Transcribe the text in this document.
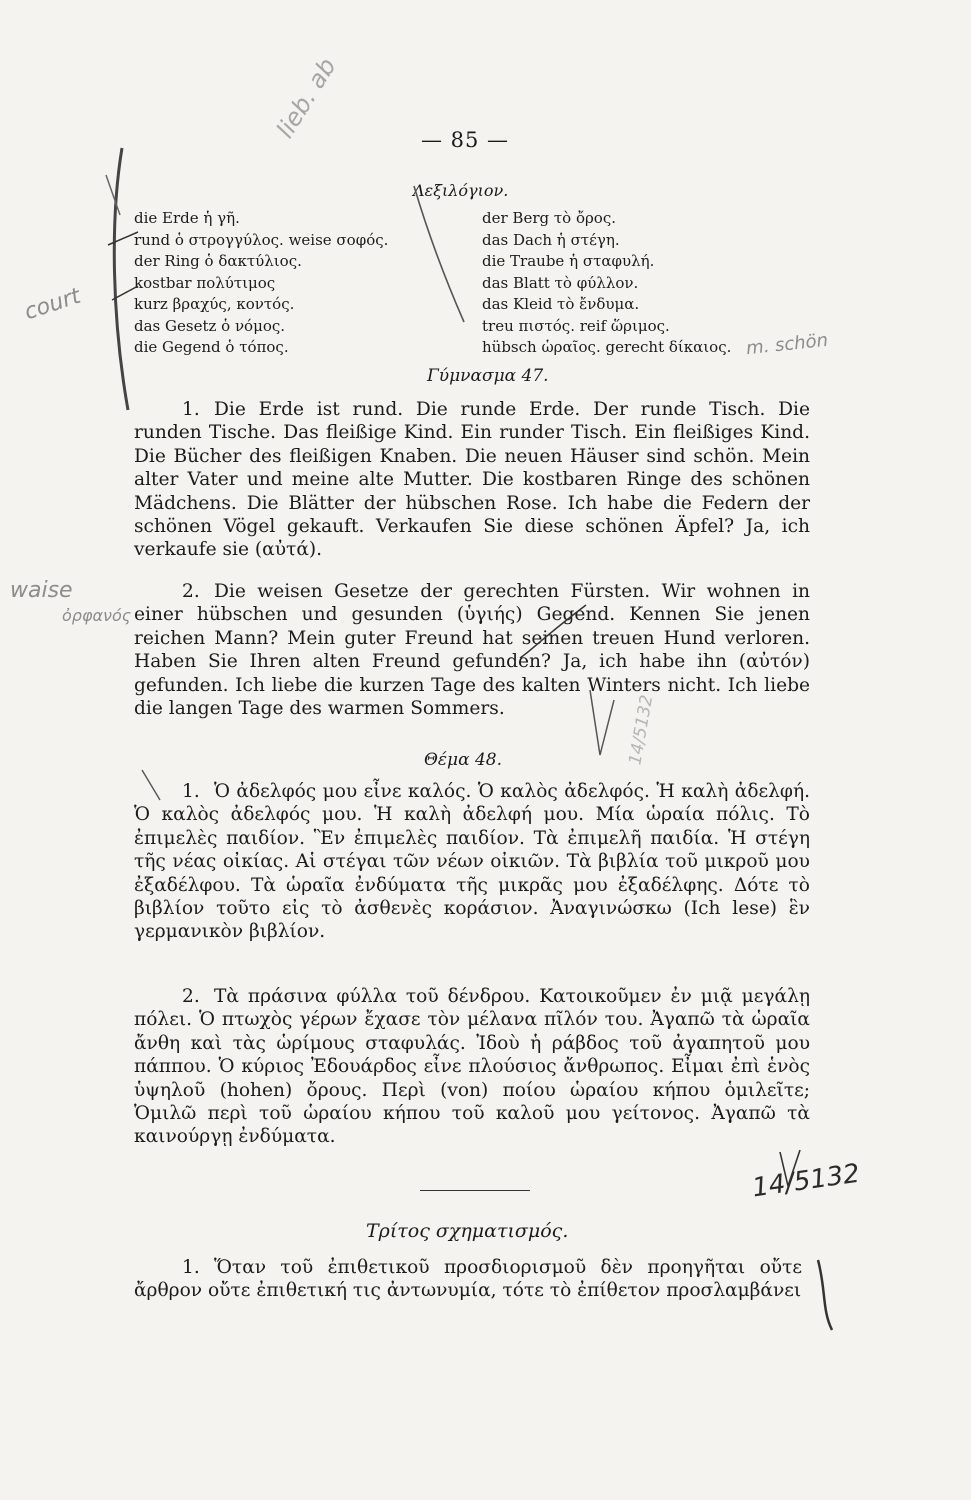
— 85 —
Λεξιλόγιον.
die Erde ἡ γῆ.
rund ὁ στρογγύλος. weise σοφός.
der Ring ὁ δακτύλιος.
kostbar πολύτιμος
kurz βραχύς, κοντός.
das Gesetz ὁ νόμος.
die Gegend ὁ τόπος.
der Berg τὸ ὄρος.
das Dach ἡ στέγη.
die Traube ἡ σταφυλή.
das Blatt τὸ φύλλον.
das Kleid τὸ ἔνδυμα.
treu πιστός. reif ὥριμος.
hübsch ὡραῖος. gerecht δίκαιος.
Γύμνασμα 47.
1. Die Erde ist rund. Die runde Erde. Der runde Tisch. Die runden Tische. Das fleißige Kind. Ein runder Tisch. Ein fleißiges Kind. Die Bücher des fleißigen Knaben. Die neuen Häuser sind schön. Mein alter Vater und meine alte Mutter. Die kostbaren Ringe des schönen Mädchens. Die Blätter der hübschen Rose. Ich habe die Federn der schönen Vögel gekauft. Verkaufen Sie diese schönen Äpfel? Ja, ich verkaufe sie (αὐτά).
2. Die weisen Gesetze der gerechten Fürsten. Wir wohnen in einer hübschen und gesunden (ὑγιής) Gegend. Kennen Sie jenen reichen Mann? Mein guter Freund hat seinen treuen Hund verloren. Haben Sie Ihren alten Freund gefunden? Ja, ich habe ihn (αὐτόν) gefunden. Ich liebe die kurzen Tage des kalten Winters nicht. Ich liebe die langen Tage des warmen Sommers.
Θέμα 48.
1. Ὁ ἀδελφός μου εἶνε καλός. Ὁ καλὸς ἀδελφός. Ἡ καλὴ ἀδελφή. Ὁ καλὸς ἀδελφός μου. Ἡ καλὴ ἀδελφή μου. Μία ὡραία πόλις. Τὸ ἐπιμελὲς παιδίον. Ἓν ἐπιμελὲς παιδίον. Τὰ ἐπιμελῆ παιδία. Ἡ στέγη τῆς νέας οἰκίας. Αἱ στέγαι τῶν νέων οἰκιῶν. Τὰ βιβλία τοῦ μικροῦ μου ἐξαδέλφου. Τὰ ὡραῖα ἐνδύματα τῆς μικρᾶς μου ἐξαδέλφης. Δότε τὸ βιβλίον τοῦτο εἰς τὸ ἀσθενὲς κοράσιον. Ἀναγινώσκω (Ich lese) ἓν γερμανικὸν βιβλίον.
2. Τὰ πράσινα φύλλα τοῦ δένδρου. Κατοικοῦμεν ἐν μιᾷ μεγάλῃ πόλει. Ὁ πτωχὸς γέρων ἔχασε τὸν μέλανα πῖλόν του. Ἀγαπῶ τὰ ὡραῖα ἄνθη καὶ τὰς ὡρίμους σταφυλάς. Ἰδοὺ ἡ ράβδος τοῦ ἀγαπητοῦ μου πάππου. Ὁ κύριος Ἐδουάρδος εἶνε πλούσιος ἄνθρωπος. Εἶμαι ἐπὶ ἑνὸς ὑψηλοῦ (hohen) ὄρους. Περὶ (von) ποίου ὡραίου κήπου ὁμιλεῖτε; Ὁμιλῶ περὶ τοῦ ὡραίου κήπου τοῦ καλοῦ μου γείτονος. Ἀγαπῶ τὰ καινούργῃ ἐνδύματα.
Τρίτος σχηματισμός.
1. Ὅταν τοῦ ἐπιθετικοῦ προσδιορισμοῦ δὲν προηγῆται οὔτε ἄρθρον οὔτε ἐπιθετική τις ἀντωνυμία, τότε τὸ ἐπίθετον προσλαμβάνει
court
waise
ὀρφανός
lieb. ab
m. schön
14/5132
14/5132
